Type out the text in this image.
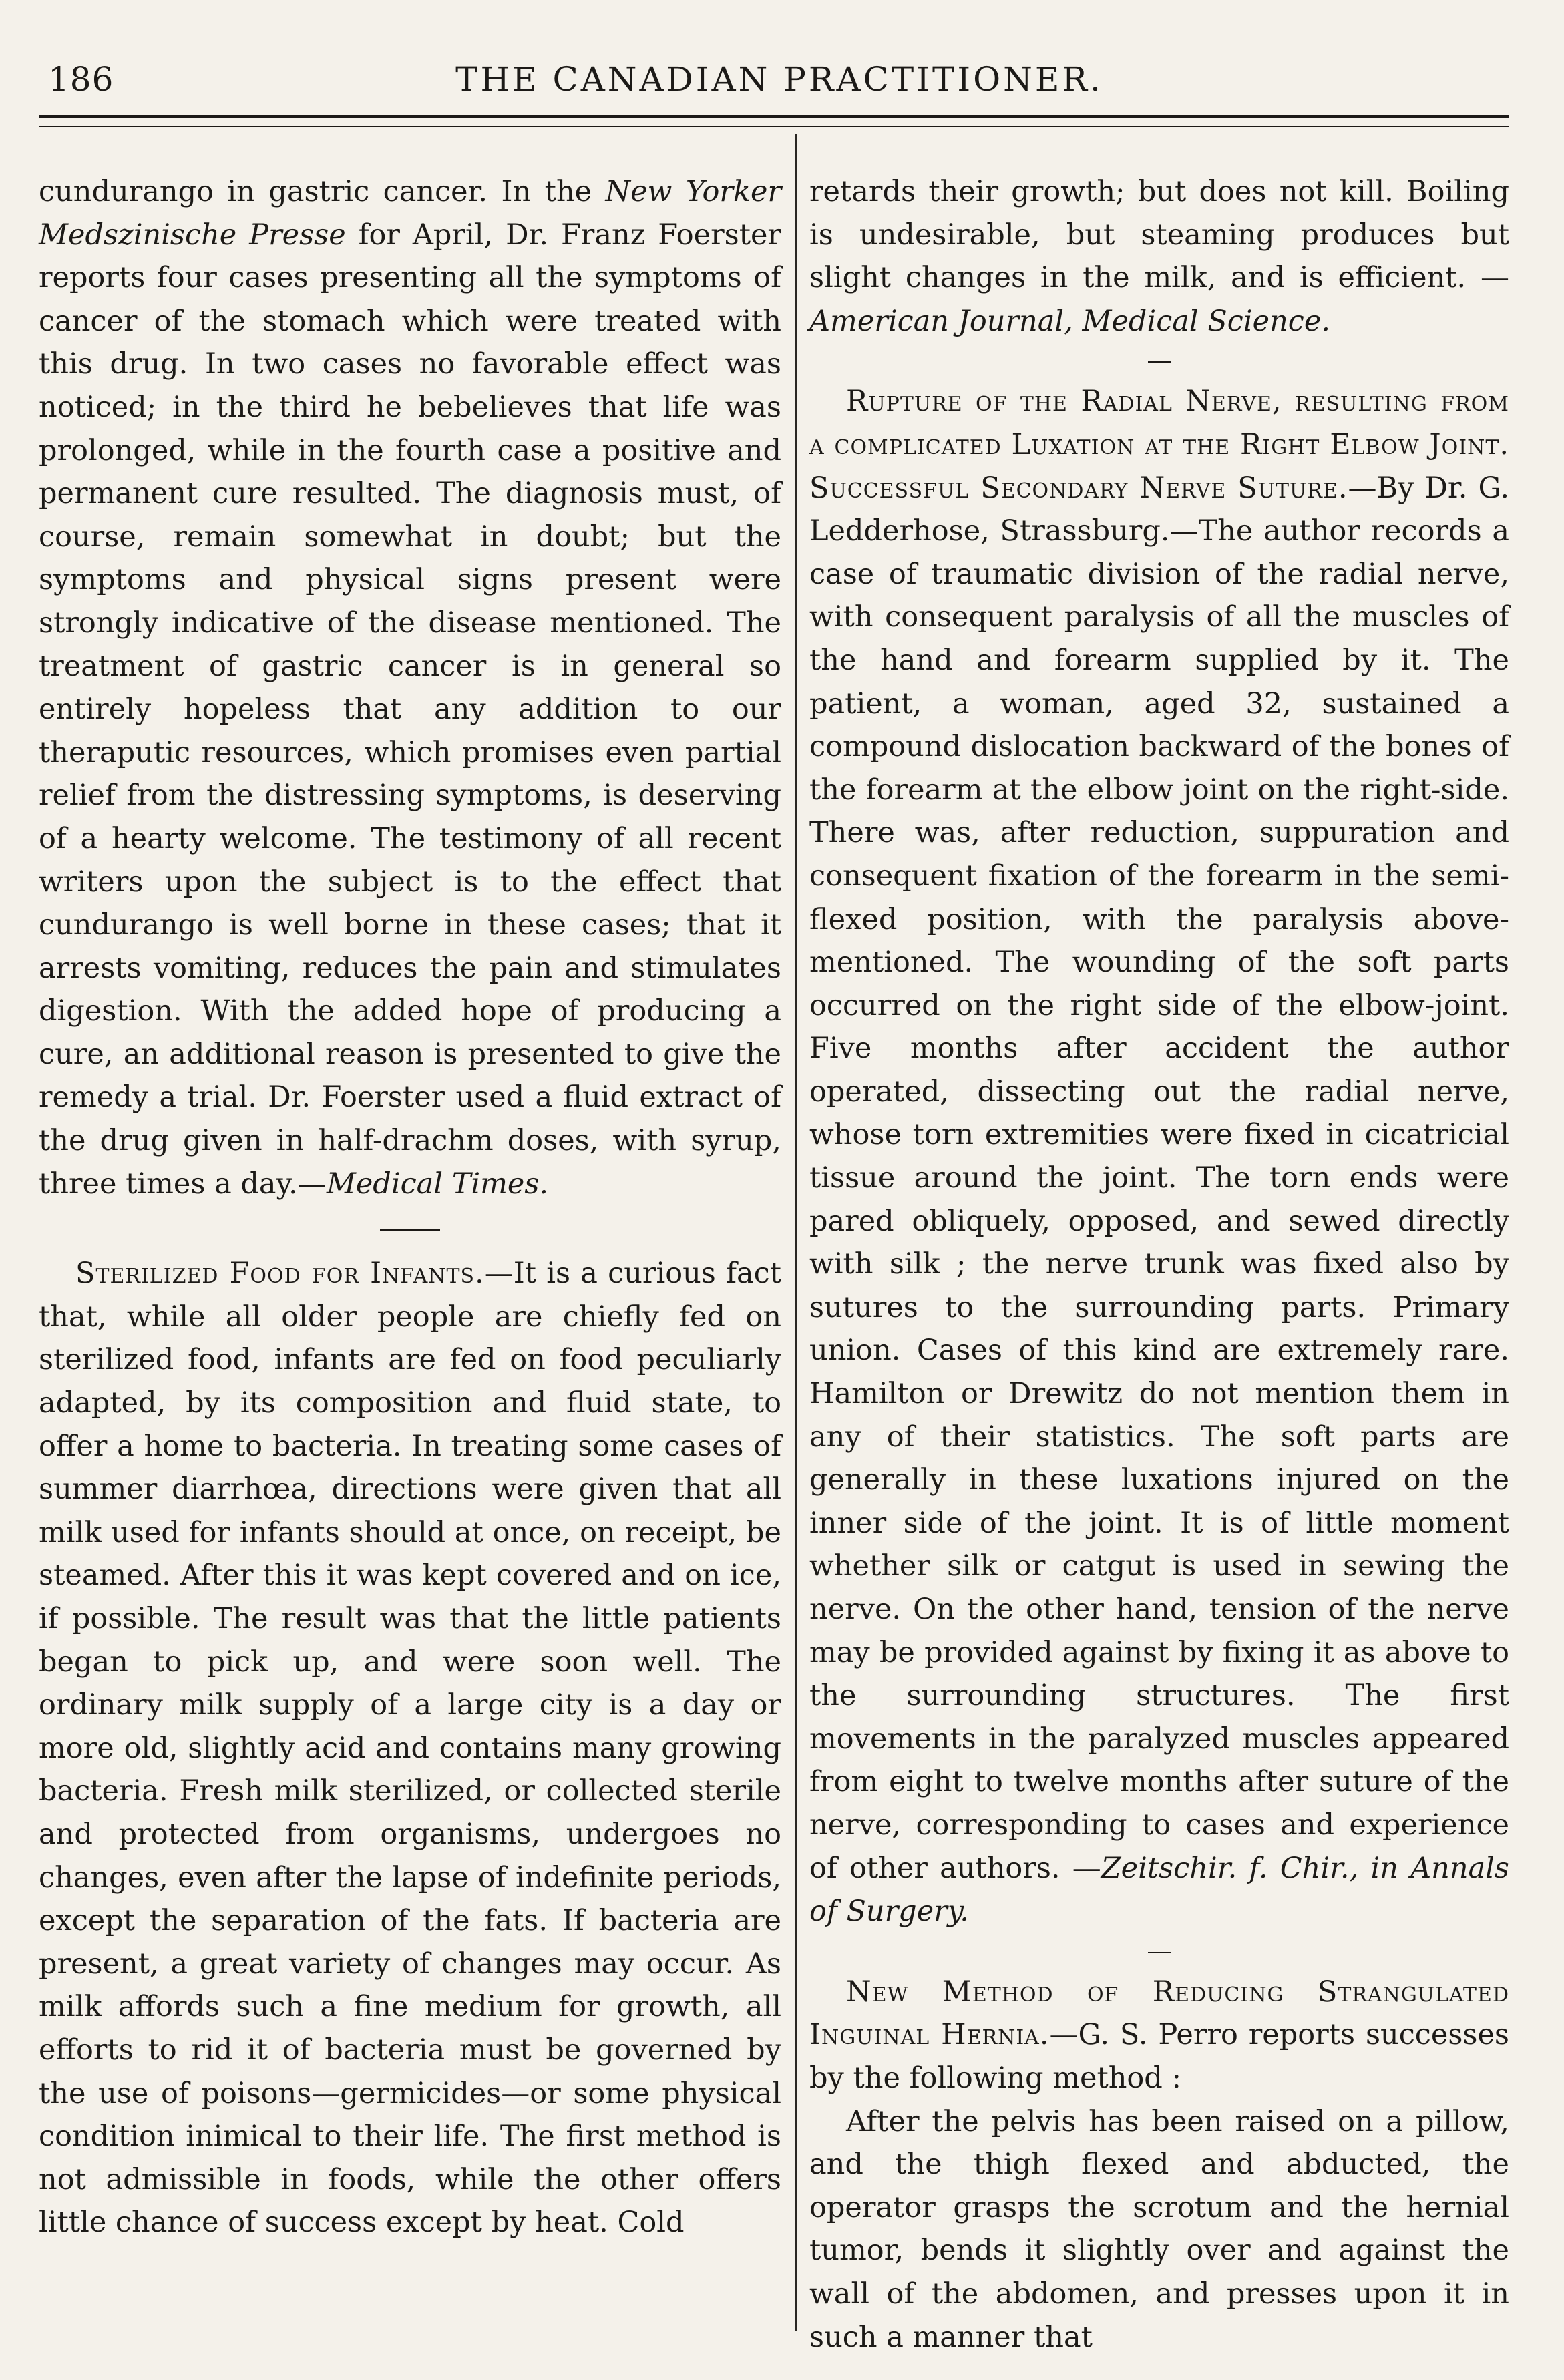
186	THE CANADIAN PRACTITIONER.

cundurango in gastric cancer. In the New Yorker Medszinische Presse for April, Dr. Franz Foerster reports four cases presenting all the symptoms of cancer of the stomach which were treated with this drug. In two cases no favorable effect was noticed; in the third he bebelieves that life was prolonged, while in the fourth case a positive and permanent cure resulted. The diagnosis must, of course, remain somewhat in doubt; but the symptoms and physical signs present were strongly indicative of the disease mentioned. The treatment of gastric cancer is in general so entirely hopeless that any addition to our theraputic resources, which promises even partial relief from the distressing symptoms, is deserving of a hearty welcome. The testimony of all recent writers upon the subject is to the effect that cundurango is well borne in these cases; that it arrests vomiting, reduces the pain and stimulates digestion. With the added hope of producing a cure, an additional reason is presented to give the remedy a trial. Dr. Foerster used a fluid extract of the drug given in half-drachm doses, with syrup, three times a day.—Medical Times.

Sterilized Food for Infants.—It is a curious fact that, while all older people are chiefly fed on sterilized food, infants are fed on food peculiarly adapted, by its composition and fluid state, to offer a home to bacteria. In treating some cases of summer diarrhœa, directions were given that all milk used for infants should at once, on receipt, be steamed. After this it was kept covered and on ice, if possible. The result was that the little patients began to pick up, and were soon well. The ordinary milk supply of a large city is a day or more old, slightly acid and contains many growing bacteria. Fresh milk sterilized, or collected sterile and protected from organisms, undergoes no changes, even after the lapse of indefinite periods, except the separation of the fats. If bacteria are present, a great variety of changes may occur. As milk affords such a fine medium for growth, all efforts to rid it of bacteria must be governed by the use of poisons—germicides—or some physical condition inimical to their life. The first method is not admissible in foods, while the other offers little chance of success except by heat. Cold

retards their growth; but does not kill. Boiling is undesirable, but steaming produces but slight changes in the milk, and is efficient. —American Journal, Medical Science.

Rupture of the Radial Nerve, resulting from a complicated Luxation at the Right Elbow Joint. Successful Secondary Nerve Suture.—By Dr. G. Ledderhose, Strassburg.—The author records a case of traumatic division of the radial nerve, with consequent paralysis of all the muscles of the hand and forearm supplied by it. The patient, a woman, aged 32, sustained a compound dislocation backward of the bones of the forearm at the elbow joint on the right-side. There was, after reduction, suppuration and consequent fixation of the forearm in the semi-flexed position, with the paralysis above-mentioned. The wounding of the soft parts occurred on the right side of the elbow-joint. Five months after accident the author operated, dissecting out the radial nerve, whose torn extremities were fixed in cicatricial tissue around the joint. The torn ends were pared obliquely, opposed, and sewed directly with silk ; the nerve trunk was fixed also by sutures to the surrounding parts. Primary union. Cases of this kind are extremely rare. Hamilton or Drewitz do not mention them in any of their statistics. The soft parts are generally in these luxations injured on the inner side of the joint. It is of little moment whether silk or catgut is used in sewing the nerve. On the other hand, tension of the nerve may be provided against by fixing it as above to the surrounding structures. The first movements in the paralyzed muscles appeared from eight to twelve months after suture of the nerve, corresponding to cases and experience of other authors. —Zeitschir. f. Chir., in Annals of Surgery.

New Method of Reducing Strangulated Inguinal Hernia.—G. S. Perro reports successes by the following method :

After the pelvis has been raised on a pillow, and the thigh flexed and abducted, the operator grasps the scrotum and the hernial tumor, bends it slightly over and against the wall of the abdomen, and presses upon it in such a manner that
